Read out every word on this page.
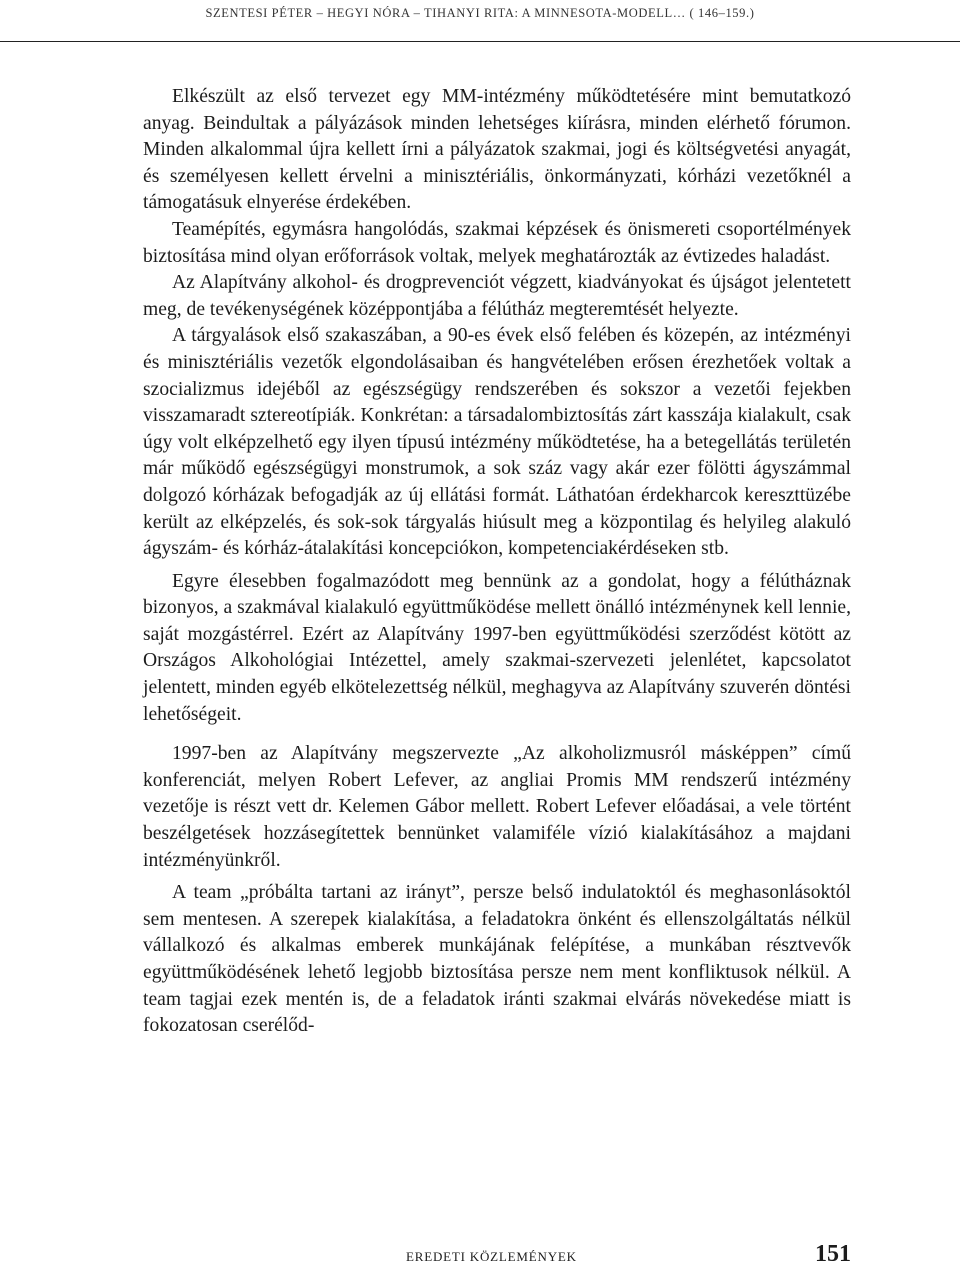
SZENTESI PÉTER – HEGYI NÓRA – TIHANYI RITA: A MINNESOTA-MODELL… ( 146–159.)

Elkészült az első tervezet egy MM-intézmény működtetésére mint bemutatkozó anyag. Beindultak a pályázások minden lehetséges kiírásra, minden elérhető fórumon. Minden alkalommal újra kellett írni a pályázatok szakmai, jogi és költségvetési anyagát, és személyesen kellett érvelni a minisztériális, önkormányzati, kórházi vezetőknél a támogatásuk elnyerése érdekében.

Teamépítés, egymásra hangolódás, szakmai képzések és önismereti csoportélmények biztosítása mind olyan erőforrások voltak, melyek meghatározták az évtizedes haladást.

Az Alapítvány alkohol- és drogprevenciót végzett, kiadványokat és újságot jelentetett meg, de tevékenységének középpontjába a félútház megteremtését helyezte.

A tárgyalások első szakaszában, a 90-es évek első felében és közepén, az intézményi és minisztériális vezetők elgondolásaiban és hangvételében erősen érezhetőek voltak a szocializmus idejéből az egészségügy rendszerében és sokszor a vezetői fejekben visszamaradt sztereotípiák. Konkrétan: a társadalombiztosítás zárt kasszája kialakult, csak úgy volt elképzelhető egy ilyen típusú intézmény működtetése, ha a betegellátás területén már működő egészségügyi monstrumok, a sok száz vagy akár ezer fölötti ágyszámmal dolgozó kórházak befogadják az új ellátási formát. Láthatóan érdekharcok kereszttüzébe került az elképzelés, és sok-sok tárgyalás hiúsult meg a központilag és helyileg alakuló ágyszám- és kórház-átalakítási koncepciókon, kompetenciakérdéseken stb.

Egyre élesebben fogalmazódott meg bennünk az a gondolat, hogy a félútháznak bizonyos, a szakmával kialakuló együttműködése mellett önálló intézménynek kell lennie, saját mozgástérrel. Ezért az Alapítvány 1997-ben együttműködési szerződést kötött az Országos Alkohológiai Intézettel, amely szakmai-szervezeti jelenlétet, kapcsolatot jelentett, minden egyéb elkötelezettség nélkül, meghagyva az Alapítvány szuverén döntési lehetőségeit.

1997-ben az Alapítvány megszervezte „Az alkoholizmusról másképpen” című konferenciát, melyen Robert Lefever, az angliai Promis MM rendszerű intézmény vezetője is részt vett dr. Kelemen Gábor mellett. Robert Lefever előadásai, a vele történt beszélgetések hozzásegítettek bennünket valamiféle vízió kialakításához a majdani intézményünkről.

A team „próbálta tartani az irányt”, persze belső indulatoktól és meghasonlásoktól sem mentesen. A szerepek kialakítása, a feladatokra önként és ellenszolgáltatás nélkül vállalkozó és alkalmas emberek munkájának felépítése, a munkában résztvevők együttműködésének lehető legjobb biztosítása persze nem ment konfliktusok nélkül. A team tagjai ezek mentén is, de a feladatok iránti szakmai elvárás növekedése miatt is fokozatosan cserélőd-

EREDETI KÖZLEMÉNYEK	151
